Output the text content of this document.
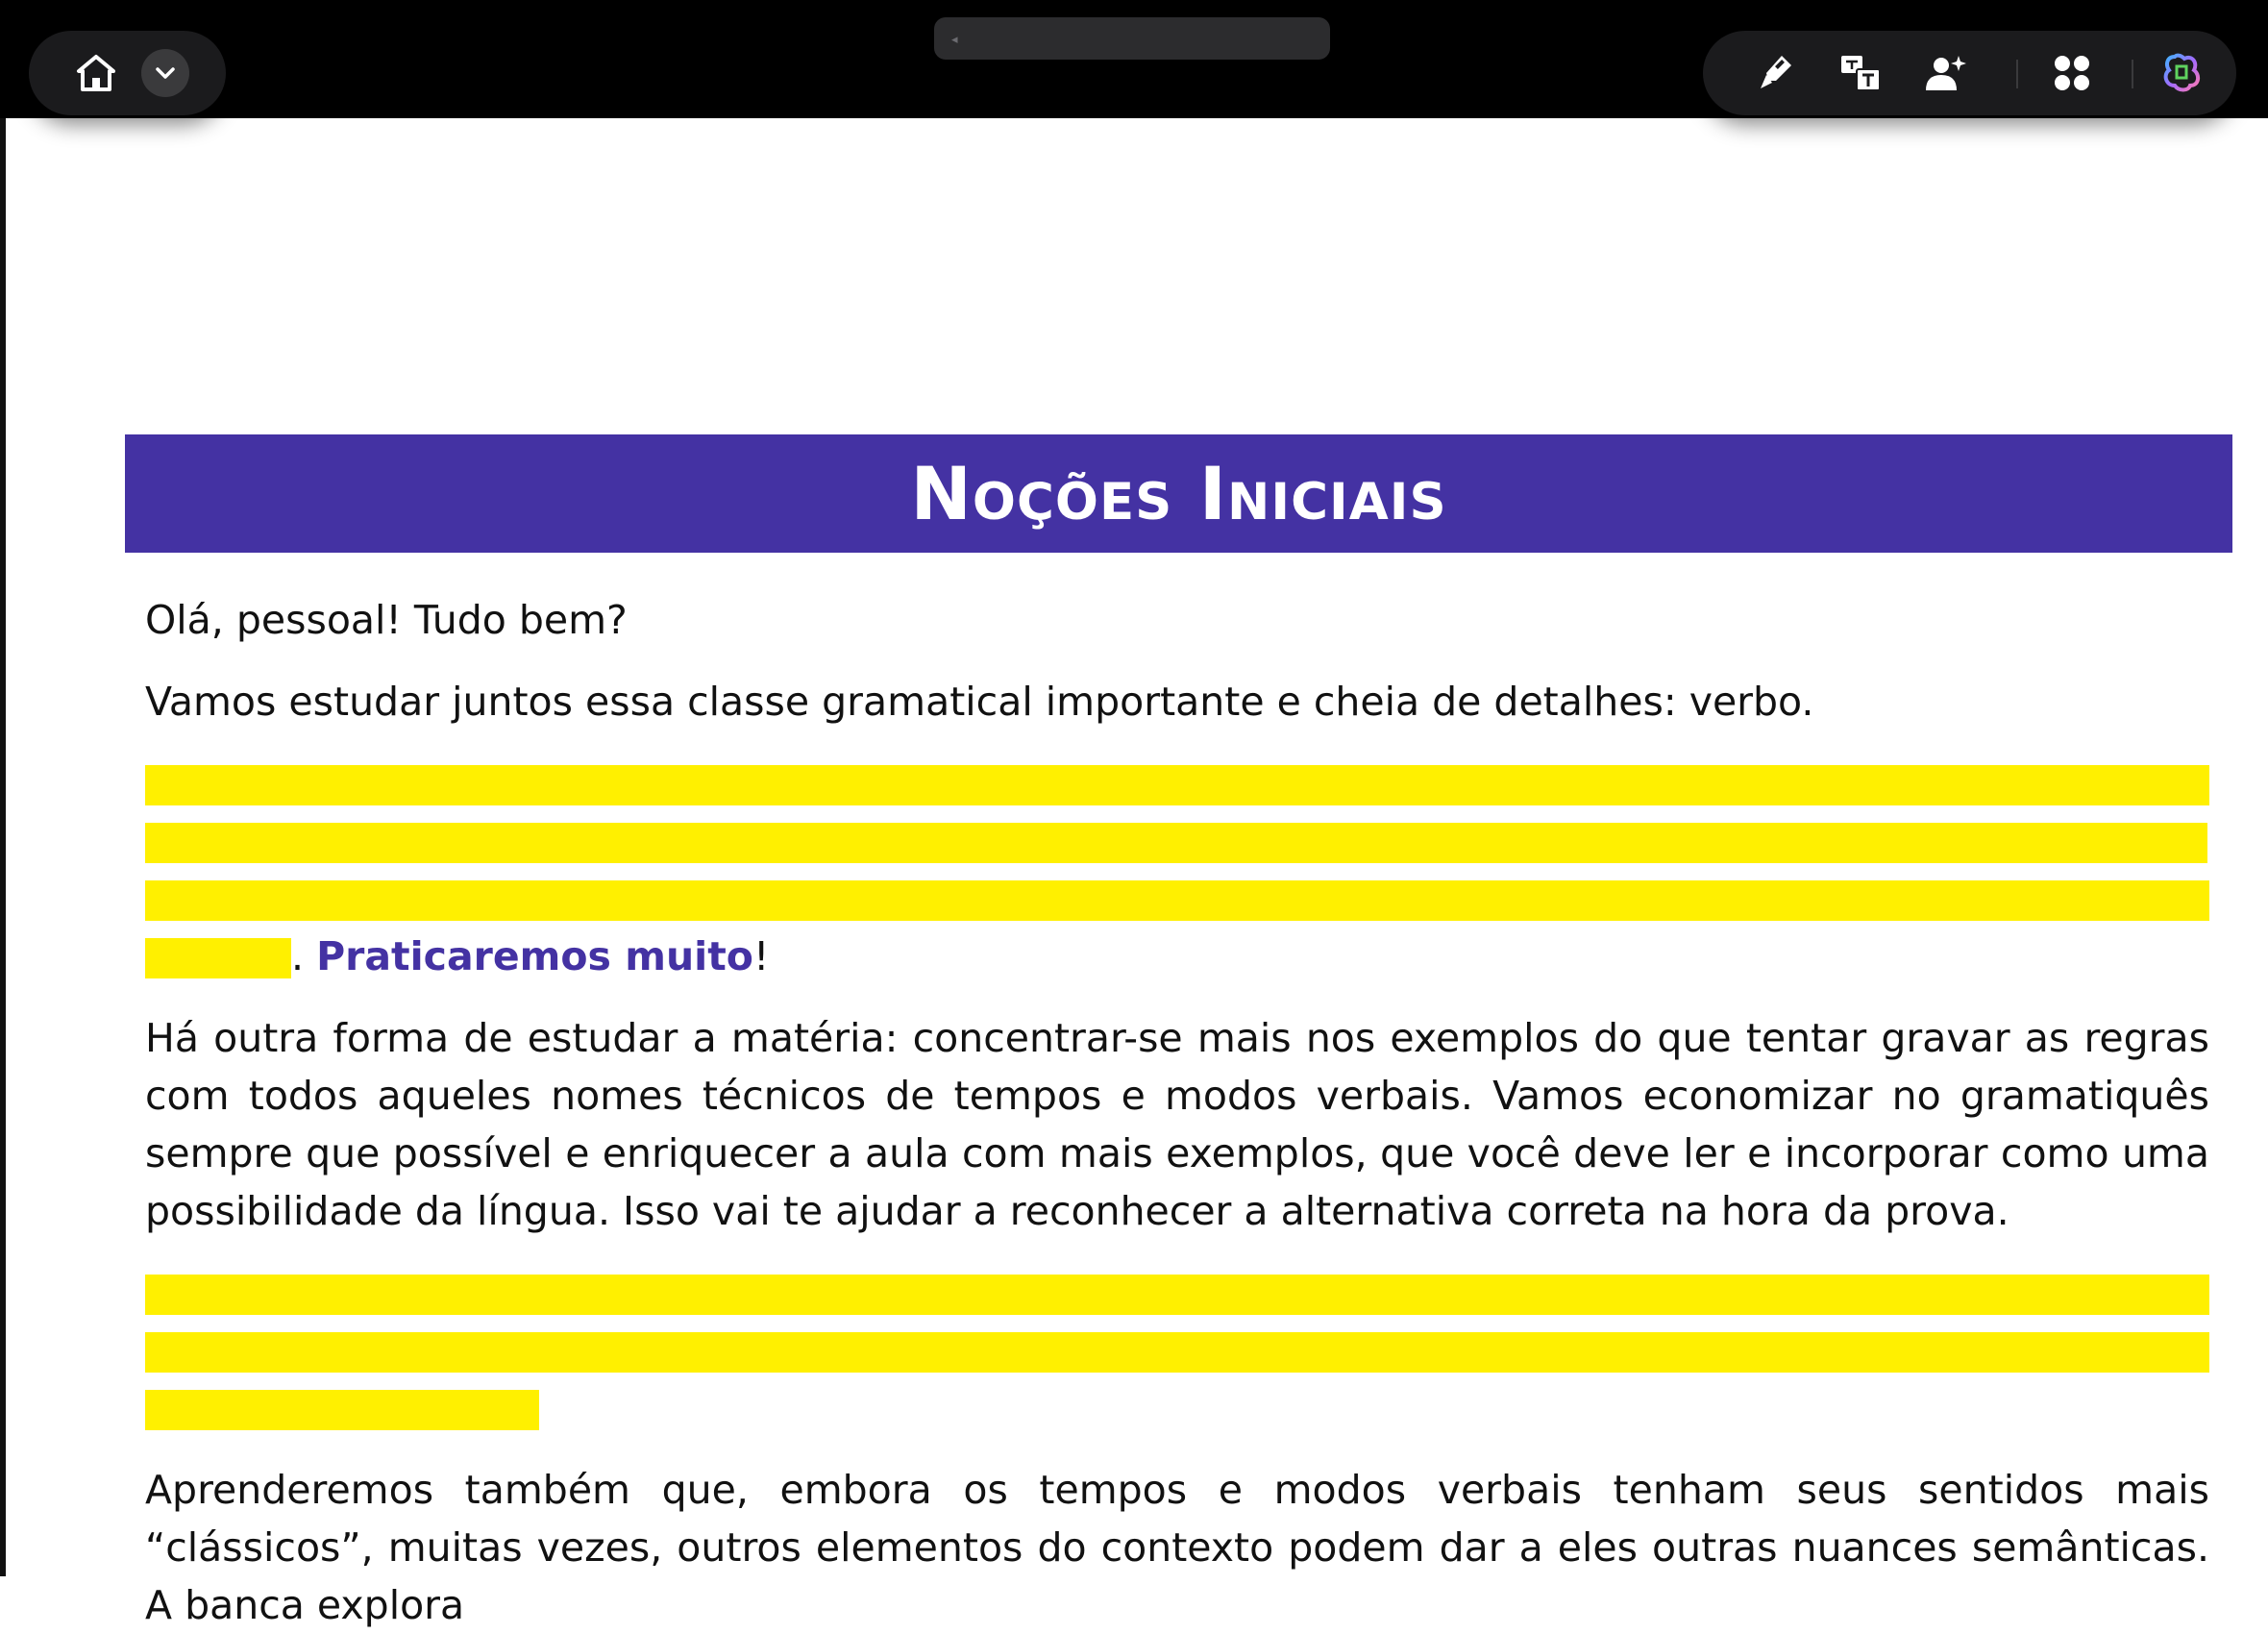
◂
Noções Iniciais

Olá, pessoal! Tudo bem?

Vamos estudar juntos essa classe gramatical importante e cheia de detalhes: verbo.

. Praticaremos muito!

Há outra forma de estudar a matéria: concentrar-se mais nos exemplos do que tentar gravar as regras com todos aqueles nomes técnicos de tempos e modos verbais. Vamos economizar no gramatiquês sempre que possível e enriquecer a aula com mais exemplos, que você deve ler e incorporar como uma possibilidade da língua. Isso vai te ajudar a reconhecer a alternativa correta na hora da prova.

Aprenderemos também que, embora os tempos e modos verbais tenham seus sentidos mais “clássicos”, muitas vezes, outros elementos do contexto podem dar a eles outras nuances semânticas. A banca explora
